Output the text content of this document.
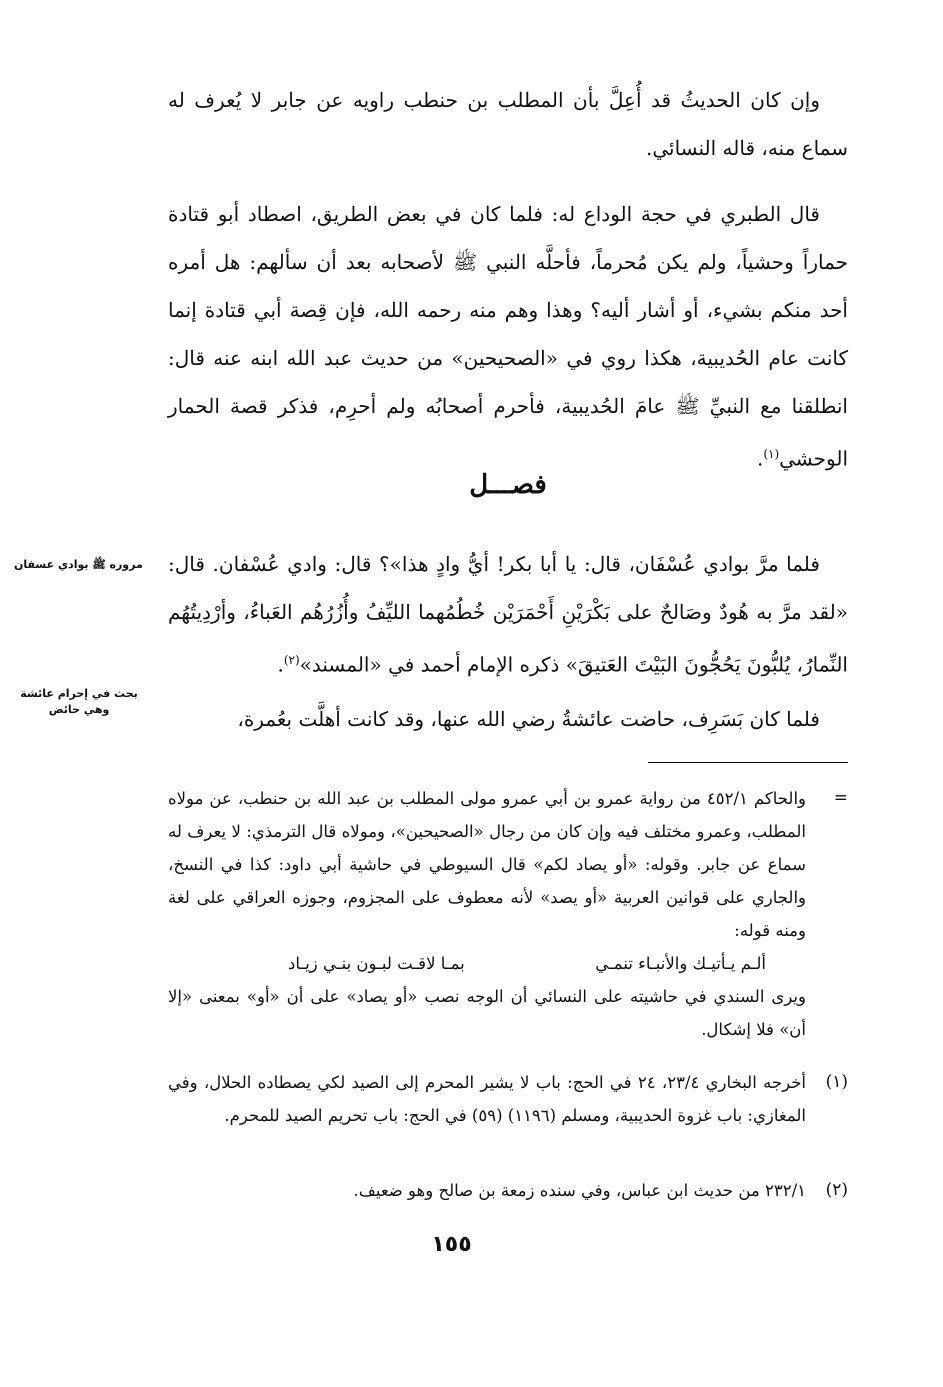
وإن كان الحديثُ قد أُعِلَّ بأن المطلب بن حنطب راويه عن جابر لا يُعرف له سماع منه، قاله النسائي.

قال الطبري في حجة الوداع له: فلما كان في بعض الطريق، اصطاد أبو قتادة حماراً وحشياً، ولم يكن مُحرماً، فأحلَّه النبي ﷺ لأصحابه بعد أن سألهم: هل أمره أحد منكم بشيء، أو أشار أليه؟ وهذا وهم منه رحمه الله، فإن قِصة أبي قتادة إنما كانت عام الحُديبية، هكذا روي في «الصحيحين» من حديث عبد الله ابنه عنه قال: انطلقنا مع النبيِّ ﷺ عامَ الحُديبية، فأحرم أصحابُه ولم أحرِم، فذكر قصة الحمار الوحشي$^{(١)}$.

فصـــل

فلما مرَّ بوادي عُسْفَان، قال: يا أبا بكر! أيُّ وادٍ هذا»؟ قال: وادي عُسْفان. قال: «لقد مرَّ به هُودٌ وصَالحٌ على بَكْرَيْنِ أَحْمَرَيْن خُطُمُهما الليِّفُ وأُزُرُهُم العَباءُ، وأرْدِيتُهُم النِّمارُ، يُلبُّونَ يَحُجُّونَ البَيْتَ العَتيقَ» ذكره الإمام أحمد في «المسند»$^{(٢)}$.

فلما كان بَسَرِف، حاضت عائشةُ رضي الله عنها، وقد كانت أهلَّت بعُمرة،

مروره ﷺ بوادي عسفان
بحث في إحرام عائشة
وهي حائض
=

والحاكم ٤٥٢/١ من رواية عمرو بن أبي عمرو مولى المطلب بن عبد الله بن حنطب، عن مولاه المطلب، وعمرو مختلف فيه وإن كان من رجال «الصحيحين»، ومولاه قال الترمذي: لا يعرف له سماع عن جابر. وقوله: «أو يصاد لكم» قال السيوطي في حاشية أبي داود: كذا في النسخ، والجاري على قوانين العربية «أو يصد» لأنه معطوف على المجزوم، وجوزه العراقي على لغة ومنه قوله:

ألـم يـأتيـك والأنبـاء تنمـي
بمـا لاقـت لبـون بنـي زيـاد

ويرى السندي في حاشيته على النسائي أن الوجه نصب «أو يصاد» على أن «أو» بمعنى «إلا أن» فلا إشكال.

(١)

أخرجه البخاري ٢٣/٤، ٢٤ في الحج: باب لا يشير المحرم إلى الصيد لكي يصطاده الحلال، وفي المغازي: باب غزوة الحديبية، ومسلم (١١٩٦) (٥٩) في الحج: باب تحريم الصيد للمحرم.

(٢)

٢٣٢/١ من حديث ابن عباس، وفي سنده زمعة بن صالح وهو ضعيف.

١٥٥
